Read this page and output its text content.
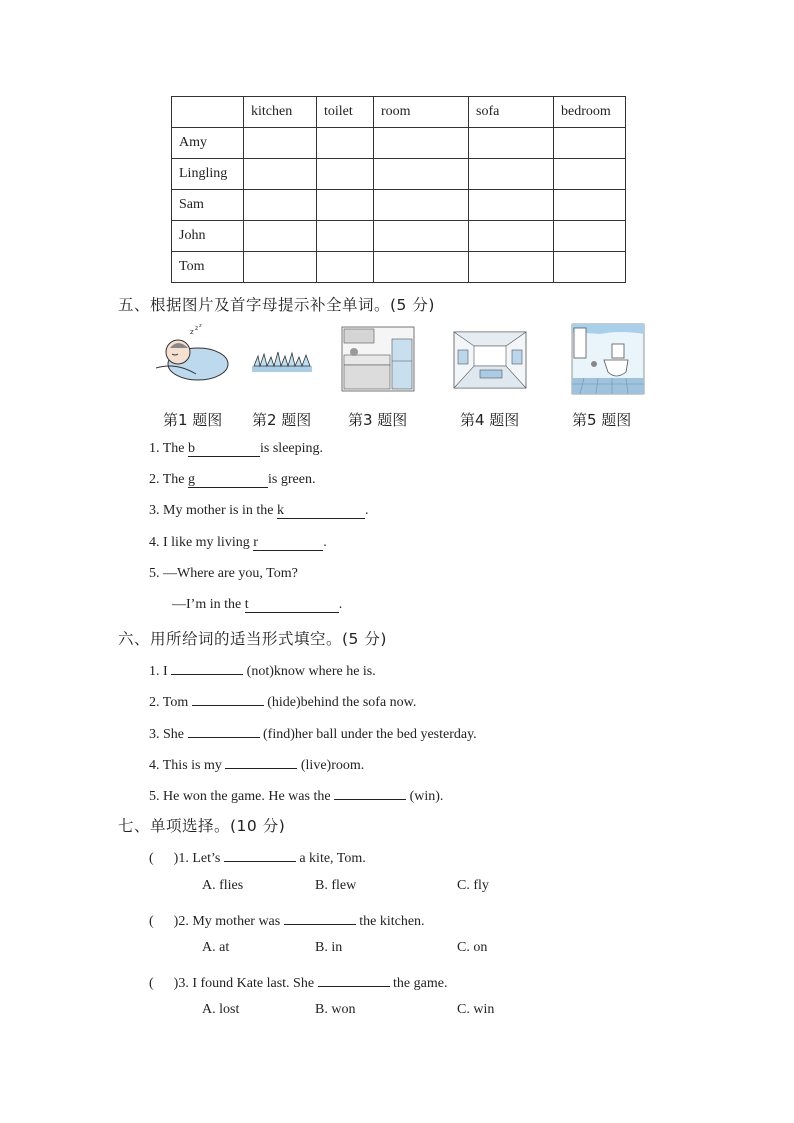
	kitchen	toilet	room	sofa	bedroom
Amy					
Lingling					
Sam					
John					
Tom					
五、根据图片及首字母提示补全单词。(5 分)
z z z
第1 题图 第2 题图 第3 题图	第4 题图	第5 题图
1. The b	is sleeping.
2. The g	is green.
3. My mother is in the k	.
4. I like my living r	.
5. —Where are you, Tom?
—I’m in the t	.
六、用所给词的适当形式填空。(5 分)
1. I	(not)know where he is.
2. Tom	(hide)behind the sofa now.
3. She	(find)her ball under the bed yesterday.
4. This is my	(live)room.
5. He won the game. He was the	(win).
七、单项选择。(10 分)
( )1. Let’s	a kite, Tom.
A. flies	B. flew	C. fly
( )2. My mother was	the kitchen.
A. at	B. in	C. on
( )3. I found Kate last. She	the game.
A. lost	B. won	C. win
